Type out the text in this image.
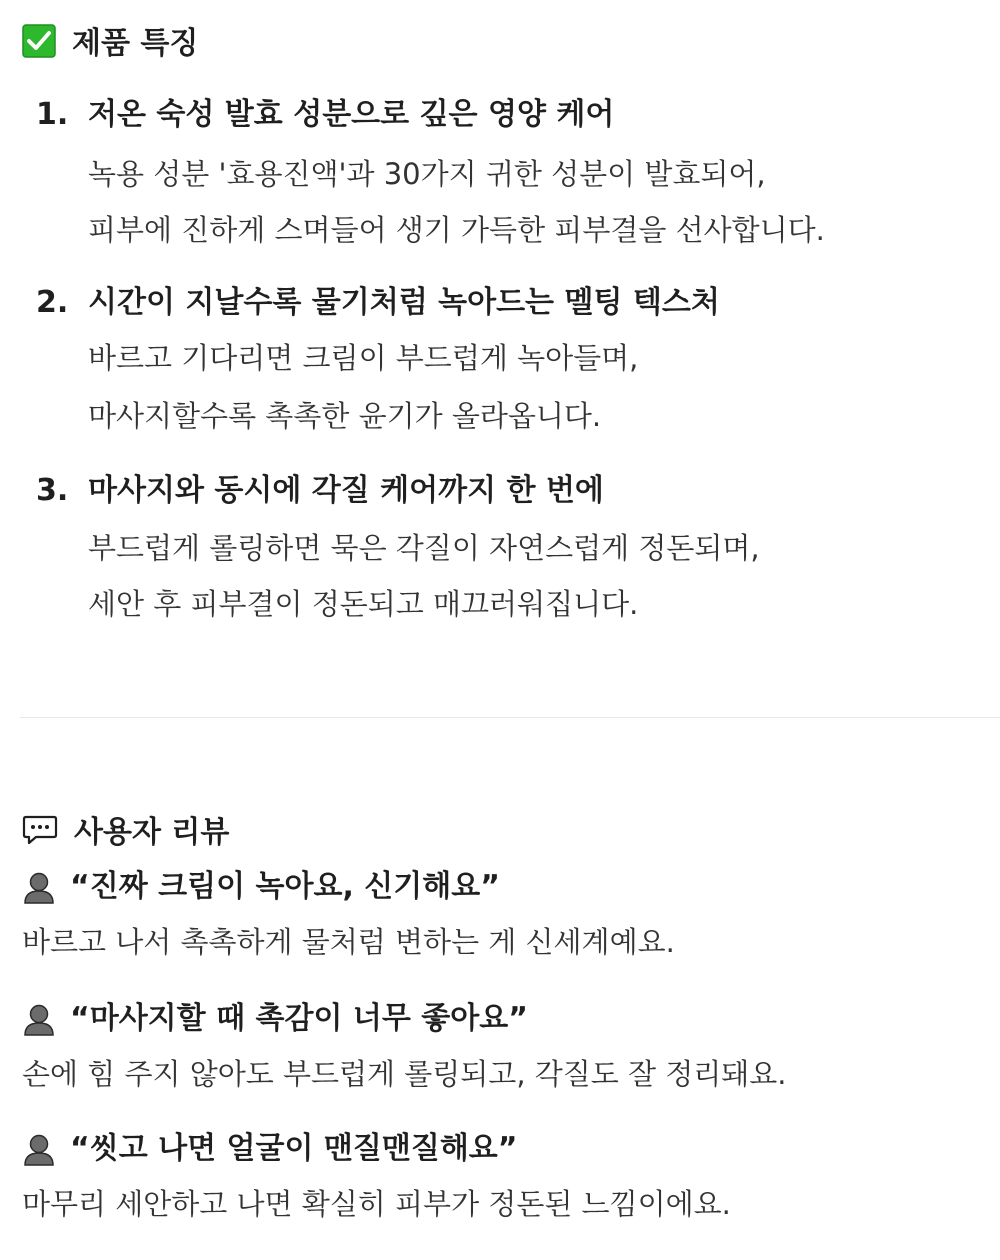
제품 특징
1. 저온 숙성 발효 성분으로 깊은 영양 케어
녹용 성분 '효용진액'과 30가지 귀한 성분이 발효되어,
피부에 진하게 스며들어 생기 가득한 피부결을 선사합니다.
2. 시간이 지날수록 물기처럼 녹아드는 멜팅 텍스처
바르고 기다리면 크림이 부드럽게 녹아들며,
마사지할수록 촉촉한 윤기가 올라옵니다.
3. 마사지와 동시에 각질 케어까지 한 번에
부드럽게 롤링하면 묵은 각질이 자연스럽게 정돈되며,
세안 후 피부결이 정돈되고 매끄러워집니다.
사용자 리뷰
“진짜 크림이 녹아요, 신기해요”
바르고 나서 촉촉하게 물처럼 변하는 게 신세계예요.
“마사지할 때 촉감이 너무 좋아요”
손에 힘 주지 않아도 부드럽게 롤링되고, 각질도 잘 정리돼요.
“씻고 나면 얼굴이 맨질맨질해요”
마무리 세안하고 나면 확실히 피부가 정돈된 느낌이에요.
